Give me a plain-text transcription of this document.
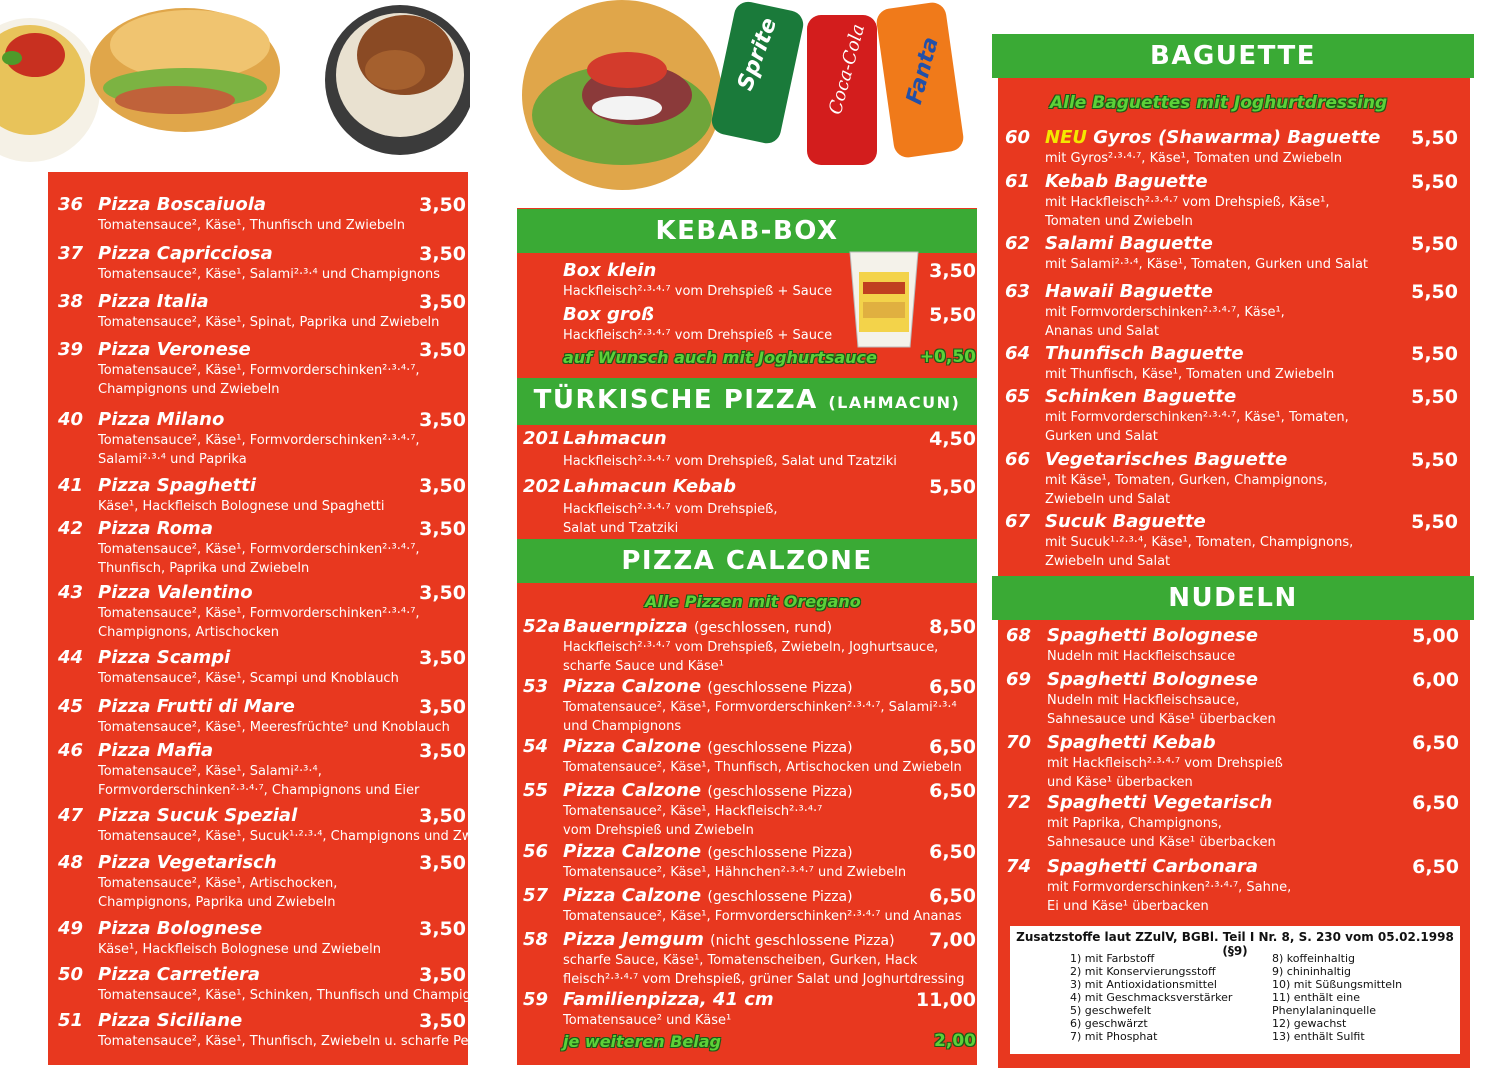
Sprite Coca-Cola Fanta
36 Pizza Boscaiuola	3,50
Tomatensauce², Käse¹, Thunfisch und Zwiebeln
37 Pizza Capricciosa	3,50
Tomatensauce², Käse¹, Salami²·³·⁴ und Champignons
38 Pizza Italia	3,50
Tomatensauce², Käse¹, Spinat, Paprika und Zwiebeln
39 Pizza Veronese	3,50
Tomatensauce², Käse¹, Formvorderschinken²·³·⁴·⁷,
Champignons und Zwiebeln
40 Pizza Milano	3,50
Tomatensauce², Käse¹, Formvorderschinken²·³·⁴·⁷,
Salami²·³·⁴ und Paprika
41 Pizza Spaghetti	3,50
Käse¹, Hackfleisch Bolognese und Spaghetti
42 Pizza Roma	3,50
Tomatensauce², Käse¹, Formvorderschinken²·³·⁴·⁷,
Thunfisch, Paprika und Zwiebeln
43 Pizza Valentino	3,50
Tomatensauce², Käse¹, Formvorderschinken²·³·⁴·⁷,
Champignons, Artischocken
44 Pizza Scampi	3,50
Tomatensauce², Käse¹, Scampi und Knoblauch
45 Pizza Frutti di Mare	3,50
Tomatensauce², Käse¹, Meeresfrüchte² und Knoblauch
46 Pizza Mafia	3,50
Tomatensauce², Käse¹, Salami²·³·⁴,
Formvorderschinken²·³·⁴·⁷, Champignons und Eier
47 Pizza Sucuk Spezial	3,50
Tomatensauce², Käse¹, Sucuk¹·²·³·⁴, Champignons und Zw
48 Pizza Vegetarisch	3,50
Tomatensauce², Käse¹, Artischocken,
Champignons, Paprika und Zwiebeln
49 Pizza Bolognese	3,50
Käse¹, Hackfleisch Bolognese und Zwiebeln
50 Pizza Carretiera	3,50
Tomatensauce², Käse¹, Schinken, Thunfisch und Champig
51 Pizza Siciliane	3,50
Tomatensauce², Käse¹, Thunfisch, Zwiebeln u. scharfe Pe
KEBAB-BOX
Box klein	3,50
Hackfleisch²·³·⁴·⁷ vom Drehspieß + Sauce
Box groß	5,50
Hackfleisch²·³·⁴·⁷ vom Drehspieß + Sauce
auf Wunsch auch mit Joghurtsauce	+0,50
TÜRKISCHE PIZZA (LAHMACUN)
201 Lahmacun	4,50
Hackfleisch²·³·⁴·⁷ vom Drehspieß, Salat und Tzatziki
202 Lahmacun Kebab	5,50
Hackfleisch²·³·⁴·⁷ vom Drehspieß,
Salat und Tzatziki
PIZZA CALZONE
Alle Pizzen mit Oregano
52a Bauernpizza (geschlossen, rund)	8,50
Hackfleisch²·³·⁴·⁷ vom Drehspieß, Zwiebeln, Joghurtsauce,
scharfe Sauce und Käse¹
53 Pizza Calzone (geschlossene Pizza)	6,50
Tomatensauce², Käse¹, Formvorderschinken²·³·⁴·⁷, Salami²·³·⁴
und Champignons
54 Pizza Calzone (geschlossene Pizza)	6,50
Tomatensauce², Käse¹, Thunfisch, Artischocken und Zwiebeln
55 Pizza Calzone (geschlossene Pizza)	6,50
Tomatensauce², Käse¹, Hackfleisch²·³·⁴·⁷
vom Drehspieß und Zwiebeln
56 Pizza Calzone (geschlossene Pizza)	6,50
Tomatensauce², Käse¹, Hähnchen²·³·⁴·⁷ und Zwiebeln
57 Pizza Calzone (geschlossene Pizza)	6,50
Tomatensauce², Käse¹, Formvorderschinken²·³·⁴·⁷ und Ananas
58 Pizza Jemgum (nicht geschlossene Pizza)	7,00
scharfe Sauce, Käse¹, Tomatenscheiben, Gurken, Hack
fleisch²·³·⁴·⁷ vom Drehspieß, grüner Salat und Joghurtdressing
59 Familienpizza, 41 cm	11,00
Tomatensauce² und Käse¹
je weiteren Belag	2,00
BAGUETTE
Alle Baguettes mit Joghurtdressing
60 NEU Gyros (Shawarma) Baguette	5,50
mit Gyros²·³·⁴·⁷, Käse¹, Tomaten und Zwiebeln
61 Kebab Baguette	5,50
mit Hackfleisch²·³·⁴·⁷ vom Drehspieß, Käse¹,
Tomaten und Zwiebeln
62 Salami Baguette	5,50
mit Salami²·³·⁴, Käse¹, Tomaten, Gurken und Salat
63 Hawaii Baguette	5,50
mit Formvorderschinken²·³·⁴·⁷, Käse¹,
Ananas und Salat
64 Thunfisch Baguette	5,50
mit Thunfisch, Käse¹, Tomaten und Zwiebeln
65 Schinken Baguette	5,50
mit Formvorderschinken²·³·⁴·⁷, Käse¹, Tomaten,
Gurken und Salat
66 Vegetarisches Baguette	5,50
mit Käse¹, Tomaten, Gurken, Champignons,
Zwiebeln und Salat
67 Sucuk Baguette	5,50
mit Sucuk¹·²·³·⁴, Käse¹, Tomaten, Champignons,
Zwiebeln und Salat
NUDELN
68 Spaghetti Bolognese	5,00
Nudeln mit Hackfleischsauce
69 Spaghetti Bolognese	6,00
Nudeln mit Hackfleischsauce,
Sahnesauce und Käse¹ überbacken
70 Spaghetti Kebab	6,50
mit Hackfleisch²·³·⁴·⁷ vom Drehspieß
und Käse¹ überbacken
72 Spaghetti Vegetarisch	6,50
mit Paprika, Champignons,
Sahnesauce und Käse¹ überbacken
74 Spaghetti Carbonara	6,50
mit Formvorderschinken²·³·⁴·⁷, Sahne,
Ei und Käse¹ überbacken
Zusatzstoffe laut ZZulV, BGBl. Teil I Nr. 8, S. 230 vom 05.02.1998 (§9)
1) mit Farbstoff
2) mit Konservierungsstoff
3) mit Antioxidationsmittel
4) mit Geschmacksverstärker
5) geschwefelt
6) geschwärzt
7) mit Phosphat
8) koffeinhaltig
9) chininhaltig
10) mit Süßungsmitteln
11) enthält eine
Phenylalaninquelle
12) gewachst
13) enthält Sulfit
